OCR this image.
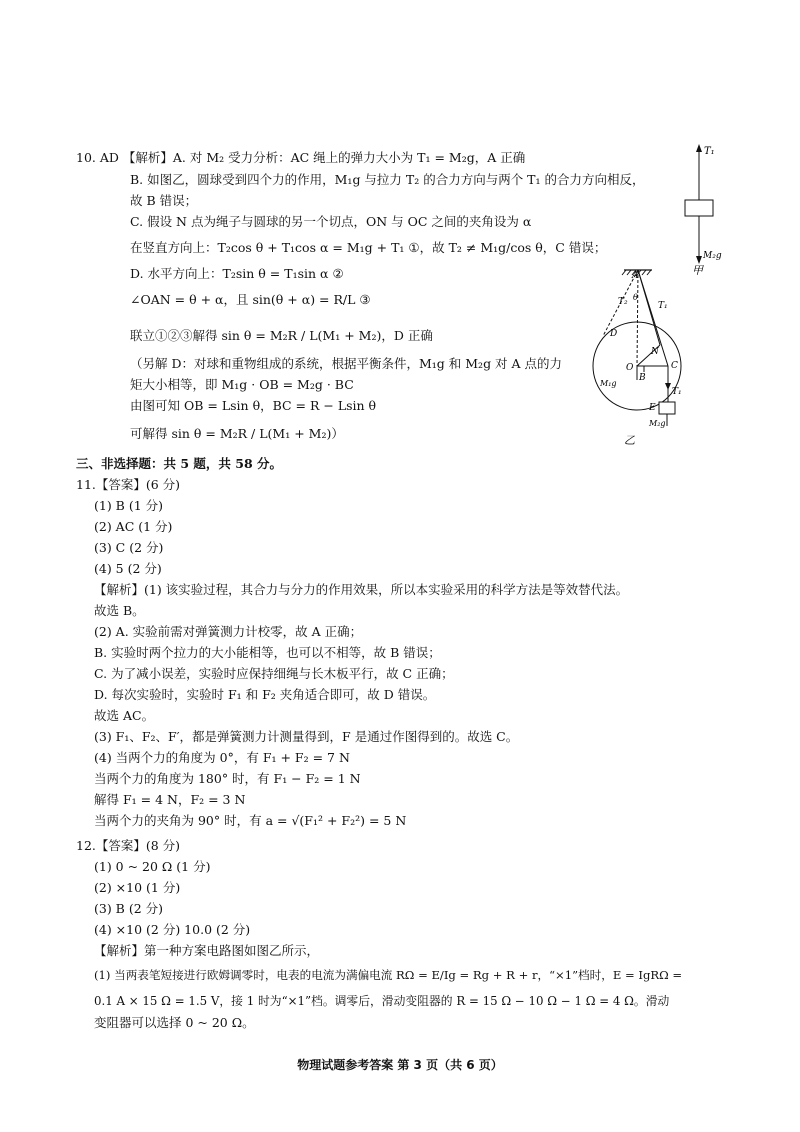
10. AD 【解析】A. 对 M₂ 受力分析：AC 绳上的弹力大小为 T₁ = M₂g，A 正确
B. 如图乙，圆球受到四个力的作用，M₁g 与拉力 T₂ 的合力方向与两个 T₁ 的合力方向相反，
故 B 错误；
C. 假设 N 点为绳子与圆球的另一个切点，ON 与 OC 之间的夹角设为 α
在竖直方向上：T₂cos θ + T₁cos α = M₁g + T₁ ①，故 T₂ ≠ M₁g/cos θ，C 错误；
D. 水平方向上：T₂sin θ = T₁sin α ②
∠OAN = θ + α，且 sin(θ + α) = R/L ③
联立①②③解得 sin θ = M₂R / L(M₁ + M₂)，D 正确
（另解 D：对球和重物组成的系统，根据平衡条件，M₁g 和 M₂g 对 A 点的力
矩大小相等，即 M₁g · OB = M₂g · BC
由图可知 OB = Lsin θ，BC = R − Lsin θ
可解得 sin θ = M₂R / L(M₁ + M₂)）
三、非选择题：共 5 题，共 58 分。
11.【答案】(6 分)
(1) B (1 分)
(2) AC (1 分)
(3) C (2 分)
(4) 5 (2 分)
【解析】(1) 该实验过程，其合力与分力的作用效果，所以本实验采用的科学方法是等效替代法。
故选 B。
(2) A. 实验前需对弹簧测力计校零，故 A 正确；
B. 实验时两个拉力的大小能相等，也可以不相等，故 B 错误；
C. 为了减小误差，实验时应保持细绳与长木板平行，故 C 正确；
D. 每次实验时，实验时 F₁ 和 F₂ 夹角适合即可，故 D 错误。
故选 AC。
(3) F₁、F₂、F′，都是弹簧测力计测量得到，F 是通过作图得到的。故选 C。
(4) 当两个力的角度为 0°，有 F₁ + F₂ = 7 N
当两个力的角度为 180° 时，有 F₁ − F₂ = 1 N
解得 F₁ = 4 N，F₂ = 3 N
当两个力的夹角为 90° 时，有 a = √(F₁² + F₂²) = 5 N
12.【答案】(8 分)
(1) 0 ~ 20 Ω (1 分)
(2) ×10 (1 分)
(3) B (2 分)
(4) ×10 (2 分) 10.0 (2 分)
【解析】第一种方案电路图如图乙所示，
(1) 当两表笔短接进行欧姆调零时，电表的电流为满偏电流 RΩ = E/Ig = Rg + R + r，“×1”档时，E = IgRΩ =
0.1 A × 15 Ω = 1.5 V，接 1 时为“×1”档。调零后，滑动变阻器的 R = 15 Ω − 10 Ω − 1 Ω = 4 Ω。滑动
变阻器可以选择 0 ~ 20 Ω。
T₁
M₂g
甲
A
T₂ θ
T₁
D
N
O
B
C
T₁
M₁g
E
M₂g
乙
物理试题参考答案 第 3 页（共 6 页）
